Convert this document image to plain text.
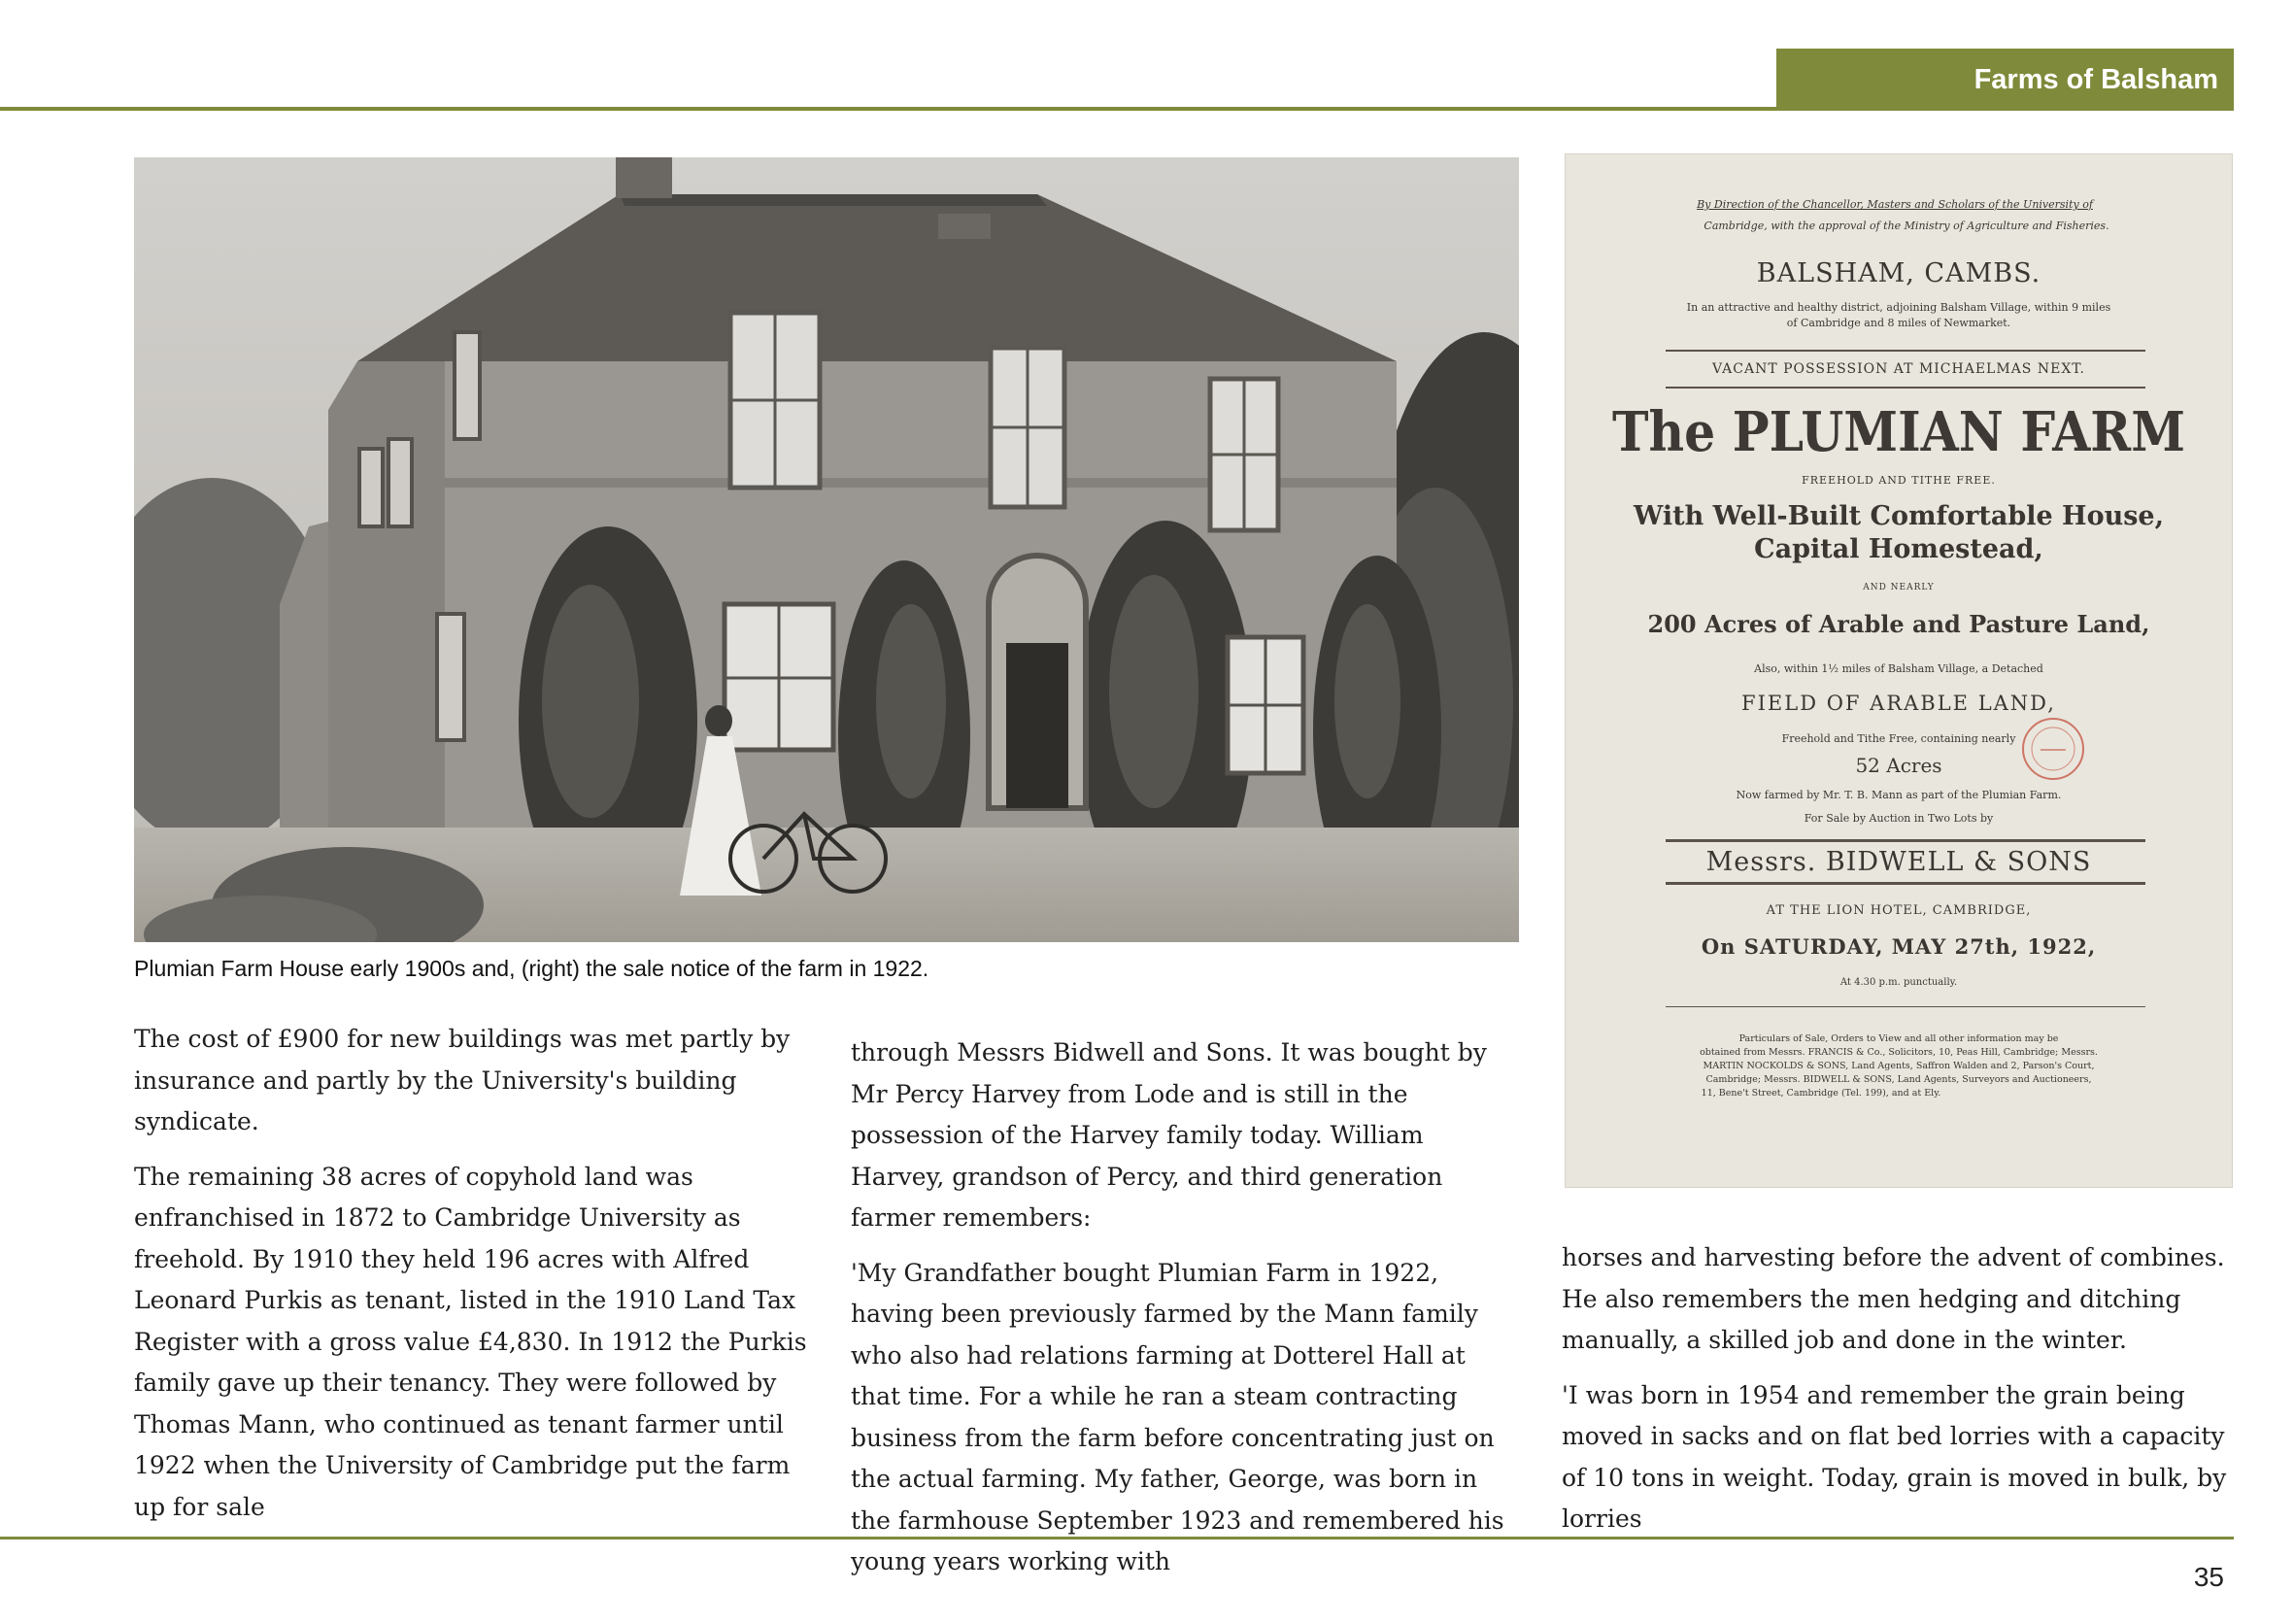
Farms of Balsham
Plumian Farm House early 1900s and, (right) the sale notice of the farm in 1922.
By Direction of the Chancellor, Masters and Scholars of the University of
Cambridge, with the approval of the Ministry of Agriculture and Fisheries.
BALSHAM, CAMBS.
In an attractive and healthy district, adjoining Balsham Village, within 9 miles
of Cambridge and 8 miles of Newmarket.
VACANT POSSESSION AT MICHAELMAS NEXT.
The PLUMIAN FARM
FREEHOLD AND TITHE FREE.
With Well-Built Comfortable House,
Capital Homestead,
AND NEARLY
200 Acres of Arable and Pasture Land,
Also, within 1½ miles of Balsham Village, a Detached
FIELD OF ARABLE LAND,
Freehold and Tithe Free, containing nearly
52 Acres
Now farmed by Mr. T. B. Mann as part of the Plumian Farm.
For Sale by Auction in Two Lots by
Messrs. BIDWELL & SONS
AT THE LION HOTEL, CAMBRIDGE,
On SATURDAY, MAY 27th, 1922,
At 4.30 p.m. punctually.
Particulars of Sale, Orders to View and all other information may be
obtained from Messrs. FRANCIS & Co., Solicitors, 10, Peas Hill, Cambridge; Messrs.
MARTIN NOCKOLDS & SONS, Land Agents, Saffron Walden and 2, Parson's Court,
Cambridge; Messrs. BIDWELL & SONS, Land Agents, Surveyors and Auctioneers,
11, Bene't Street, Cambridge (Tel. 199), and at Ely.

The cost of £900 for new buildings was met partly by insurance and partly by the University's building syndicate.

The remaining 38 acres of copyhold land was enfranchised in 1872 to Cambridge University as freehold. By 1910 they held 196 acres with Alfred Leonard Purkis as tenant, listed in the 1910 Land Tax Register with a gross value £4,830. In 1912 the Purkis family gave up their tenancy. They were followed by Thomas Mann, who continued as tenant farmer until 1922 when the University of Cambridge put the farm up for sale

through Messrs Bidwell and Sons. It was bought by Mr Percy Harvey from Lode and is still in the possession of the Harvey family today. William Harvey, grandson of Percy, and third generation farmer remembers:

'My Grandfather bought Plumian Farm in 1922, having been previously farmed by the Mann family who also had relations farming at Dotterel Hall at that time. For a while he ran a steam contracting business from the farm before concentrating just on the actual farming. My father, George, was born in the farmhouse September 1923 and remembered his young years working with

horses and harvesting before the advent of combines. He also remembers the men hedging and ditching manually, a skilled job and done in the winter.

'I was born in 1954 and remember the grain being moved in sacks and on flat bed lorries with a capacity of 10 tons in weight. Today, grain is moved in bulk, by lorries

35
